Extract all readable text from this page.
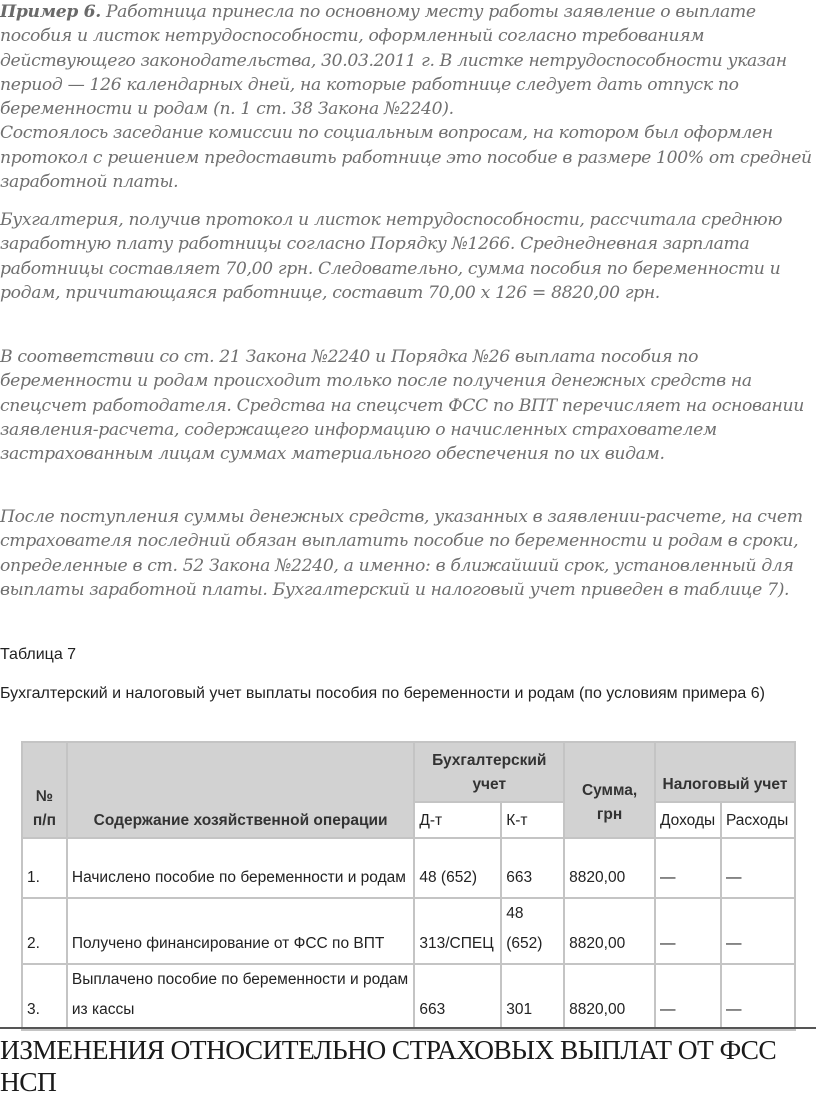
Пример 6. Работница принесла по основному месту работы заявление о выплате пособия и листок нетрудоспособности, оформленный согласно требованиям действующего законодательства, 30.03.2011 г. В листке нетрудоспособности указан период — 126 календарных дней, на которые работнице следует дать отпуск по беременности и родам (п. 1 ст. 38 Закона №2240).
Состоялось заседание комиссии по социальным вопросам, на котором был оформлен протокол с решением предоставить работнице это пособие в размере 100% от средней заработной платы.

Бухгалтерия, получив протокол и листок нетрудоспособности, рассчитала среднюю заработную плату работницы согласно Порядку №1266. Среднедневная зарплата работницы составляет 70,00 грн. Следовательно, сумма пособия по беременности и родам, причитающаяся работнице, составит 70,00 х 126 = 8820,00 грн.

В соответствии со ст. 21 Закона №2240 и Порядка №26 выплата пособия по беременности и родам происходит только после получения денежных средств на спецсчет работодателя. Средства на спецсчет ФСС по ВПТ перечисляет на основании заявления-расчета, содержащего информацию о начисленных страхователем застрахованным лицам суммах материального обеспечения по их видам.

После поступления суммы денежных средств, указанных в заявлении-расчете, на счет страхователя последний обязан выплатить пособие по беременности и родам в сроки, определенные в ст. 52 Закона №2240, а именно: в ближайший срок, установленный для выплаты заработной платы. Бухгалтерский и налоговый учет приведен в таблице 7).

Таблица 7
Бухгалтерский и налоговый учет выплаты пособия по беременности и родам (по условиям примера 6)
№ п/п	Содержание хозяйственной операции	Бухгалтерский учет		Сумма, грн	Налоговый учет	
		Д-т	К-т		Доходы	Расходы
1.	Начислено пособие по беременности и родам	48 (652)	663	8820,00	—	—
2.	Получено финансирование от ФСС по ВПТ	313/СПЕЦ	48 (652)	8820,00	—	—
3.	Выплачено пособие по беременности и родам из кассы	663	301	8820,00	—	—
ИЗМЕНЕНИЯ ОТНОСИТЕЛЬНО СТРАХОВЫХ ВЫПЛАТ ОТ ФСС НСП
